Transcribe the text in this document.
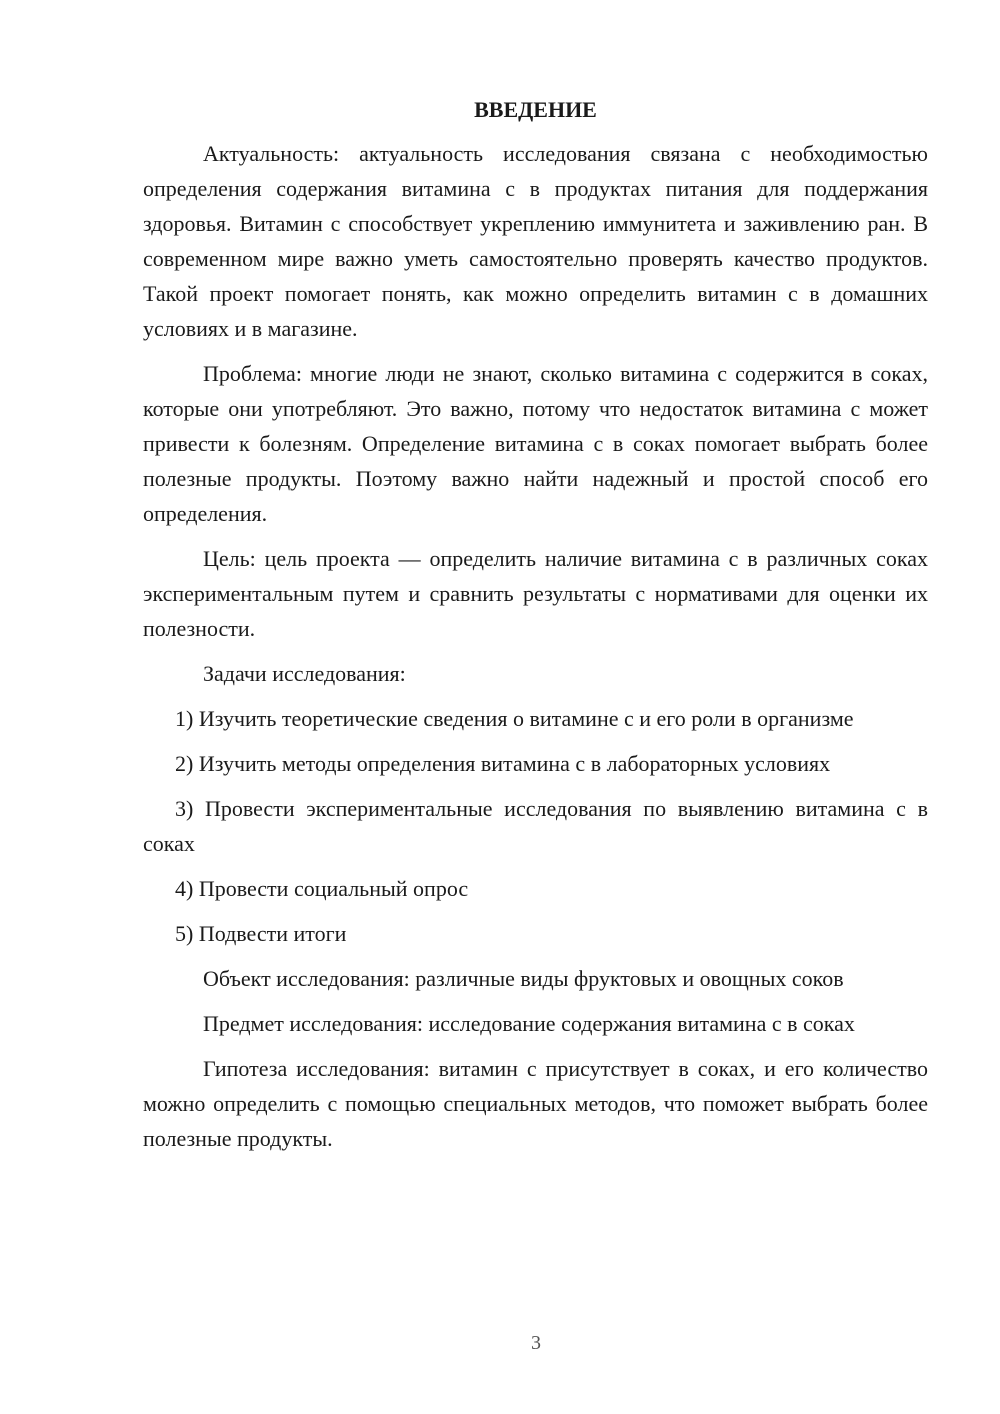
ВВЕДЕНИЕ

Актуальность: актуальность исследования связана с необходимостью определения содержания витамина с в продуктах питания для поддержания здоровья. Витамин с способствует укреплению иммунитета и заживлению ран. В современном мире важно уметь самостоятельно проверять качество продуктов. Такой проект помогает понять, как можно определить витамин с в домашних условиях и в магазине.

Проблема: многие люди не знают, сколько витамина с содержится в соках, которые они употребляют. Это важно, потому что недостаток витамина с может привести к болезням. Определение витамина с в соках помогает выбрать более полезные продукты. Поэтому важно найти надежный и простой способ его определения.

Цель: цель проекта — определить наличие витамина с в различных соках экспериментальным путем и сравнить результаты с нормативами для оценки их полезности.

Задачи исследования:

1) Изучить теоретические сведения о витамине с и его роли в организме

2) Изучить методы определения витамина с в лабораторных условиях

3) Провести экспериментальные исследования по выявлению витамина с в соках

4) Провести социальный опрос

5) Подвести итоги

Объект исследования: различные виды фруктовых и овощных соков

Предмет исследования: исследование содержания витамина с в соках

Гипотеза исследования: витамин с присутствует в соках, и его количество можно определить с помощью специальных методов, что поможет выбрать более полезные продукты.

3
